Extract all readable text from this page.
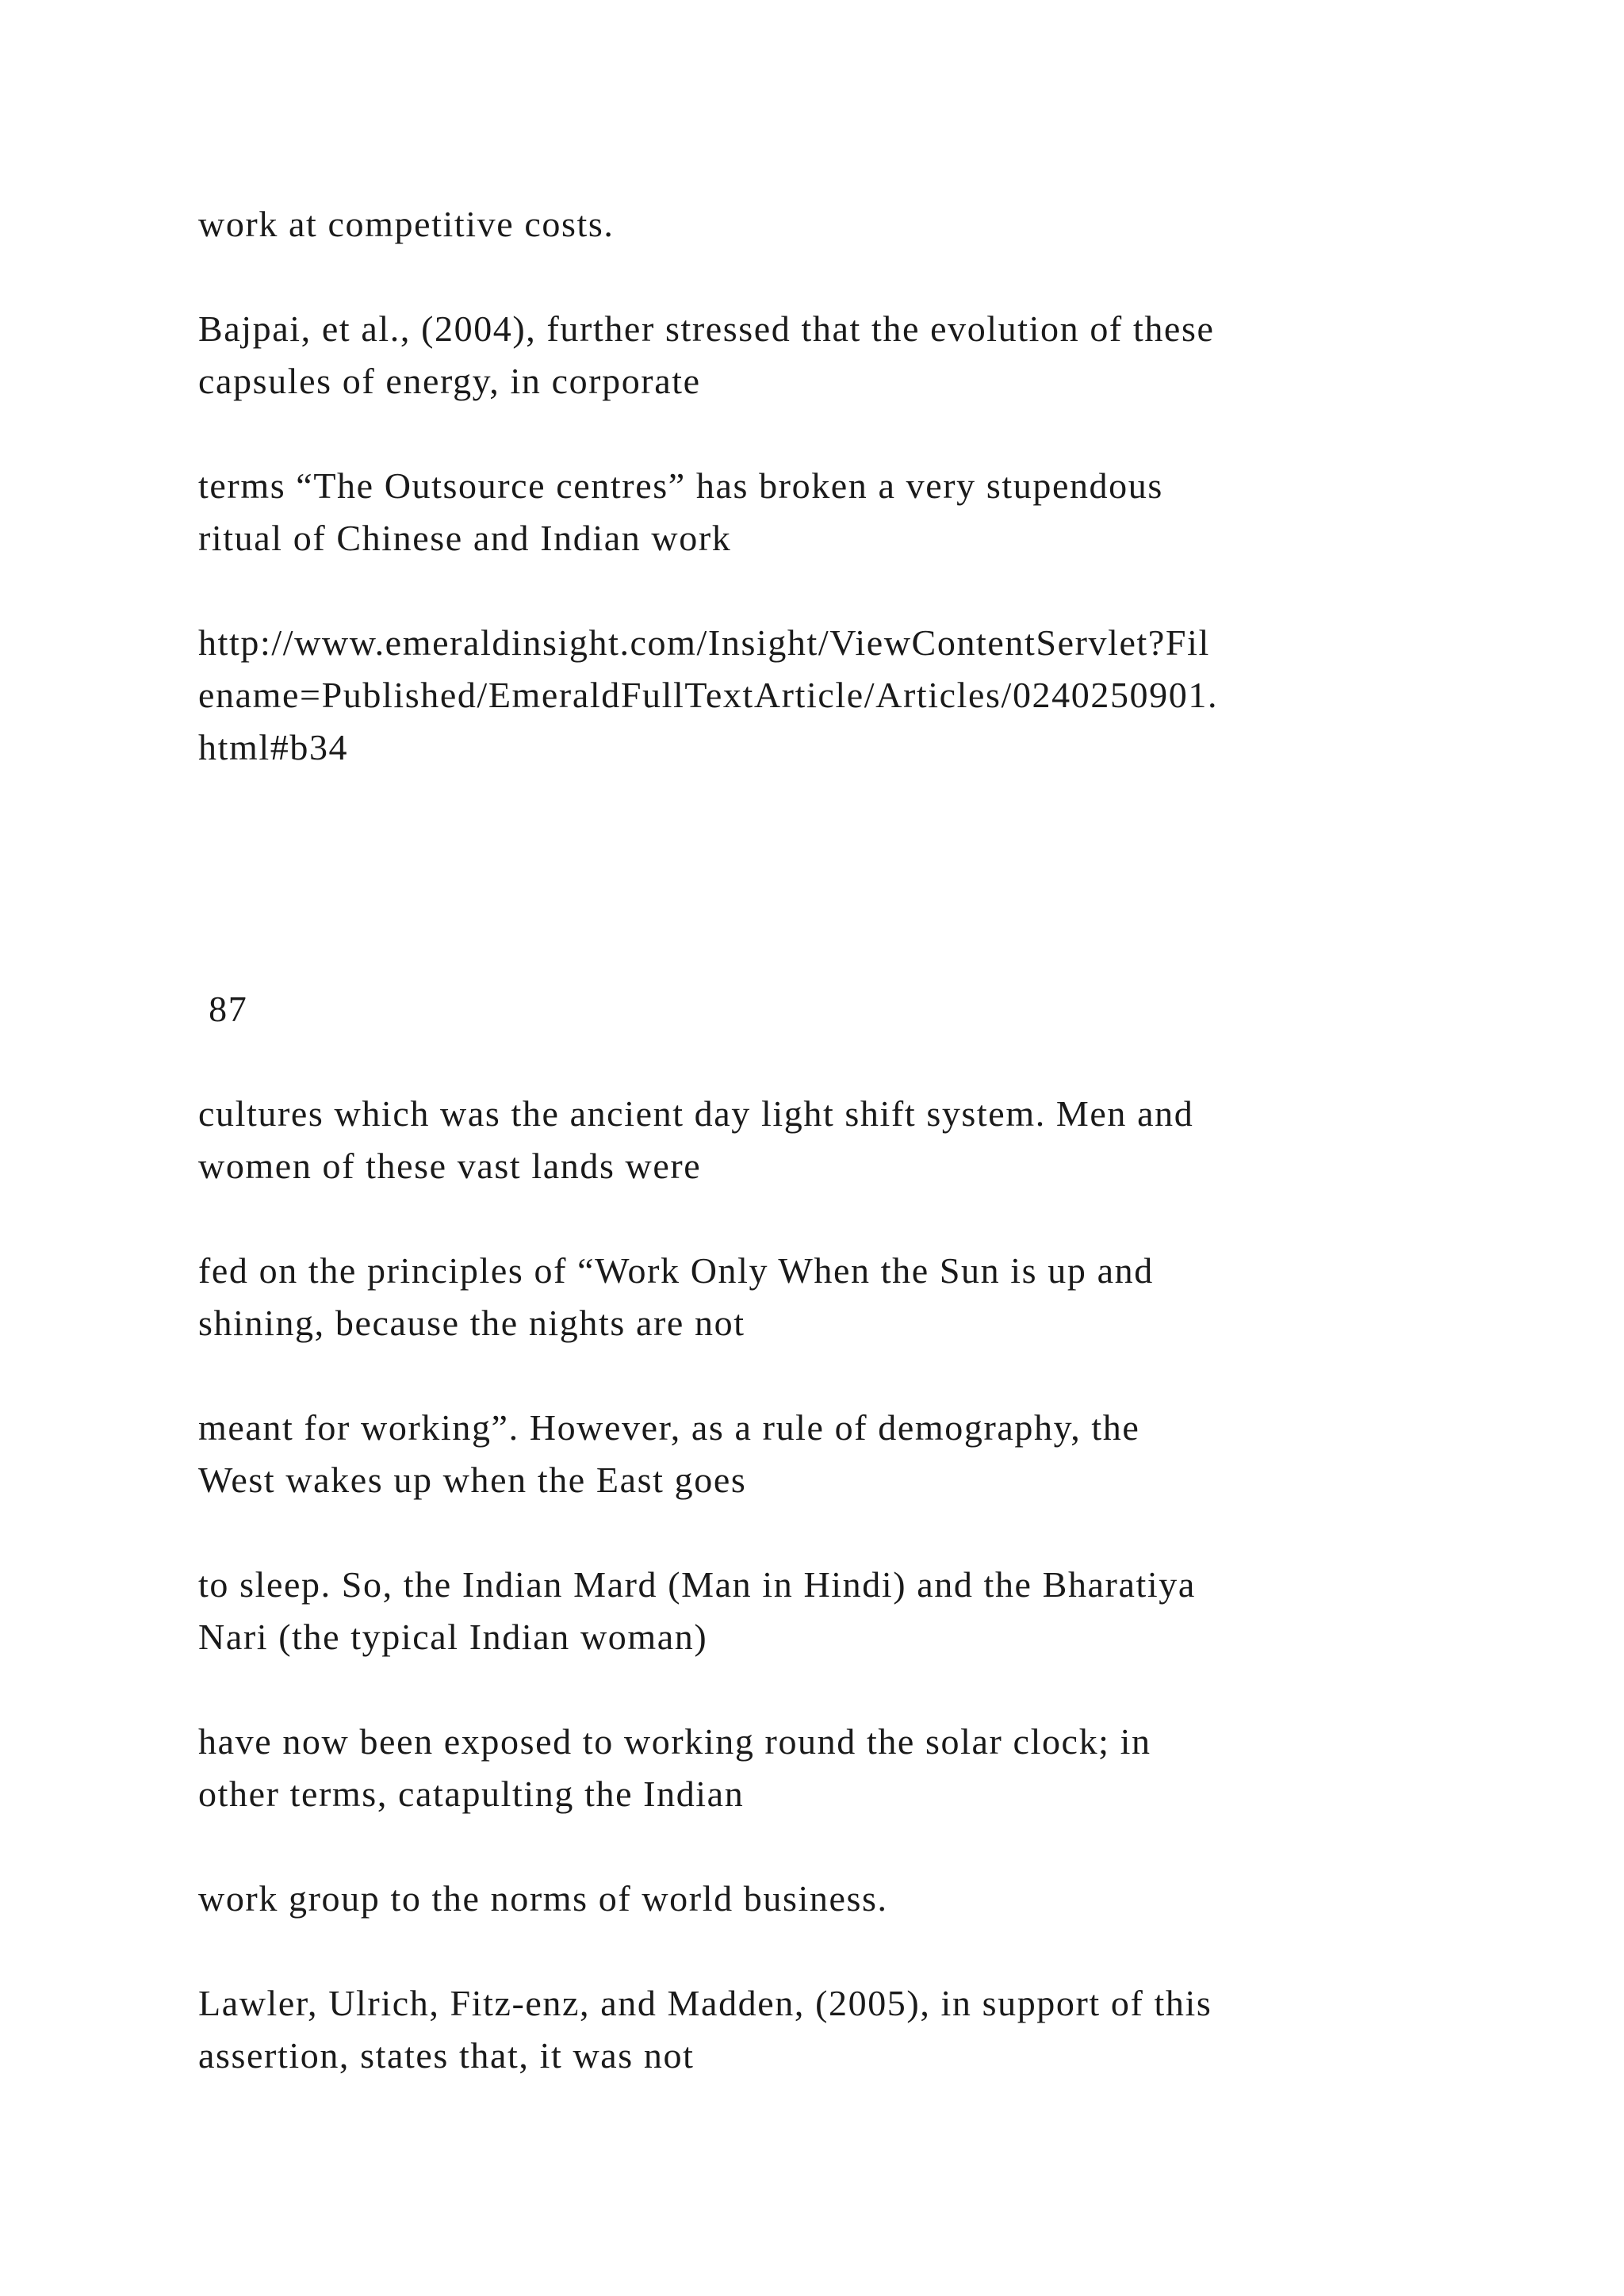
work at competitive costs.

Bajpai, et al., (2004), further stressed that the evolution of these
capsules of energy, in corporate

terms “The Outsource centres” has broken a very stupendous
ritual of Chinese and Indian work

http://www.emeraldinsight.com/Insight/ViewContentServlet?Fil
ename=Published/EmeraldFullTextArticle/Articles/0240250901.
html#b34

87

cultures which was the ancient day light shift system. Men and
women of these vast lands were

fed on the principles of “Work Only When the Sun is up and
shining, because the nights are not

meant for working”. However, as a rule of demography, the
West wakes up when the East goes

to sleep. So, the Indian Mard (Man in Hindi) and the Bharatiya
Nari (the typical Indian woman)

have now been exposed to working round the solar clock; in
other terms, catapulting the Indian

work group to the norms of world business.

Lawler, Ulrich, Fitz-enz, and Madden, (2005), in support of this
assertion, states that, it was not
